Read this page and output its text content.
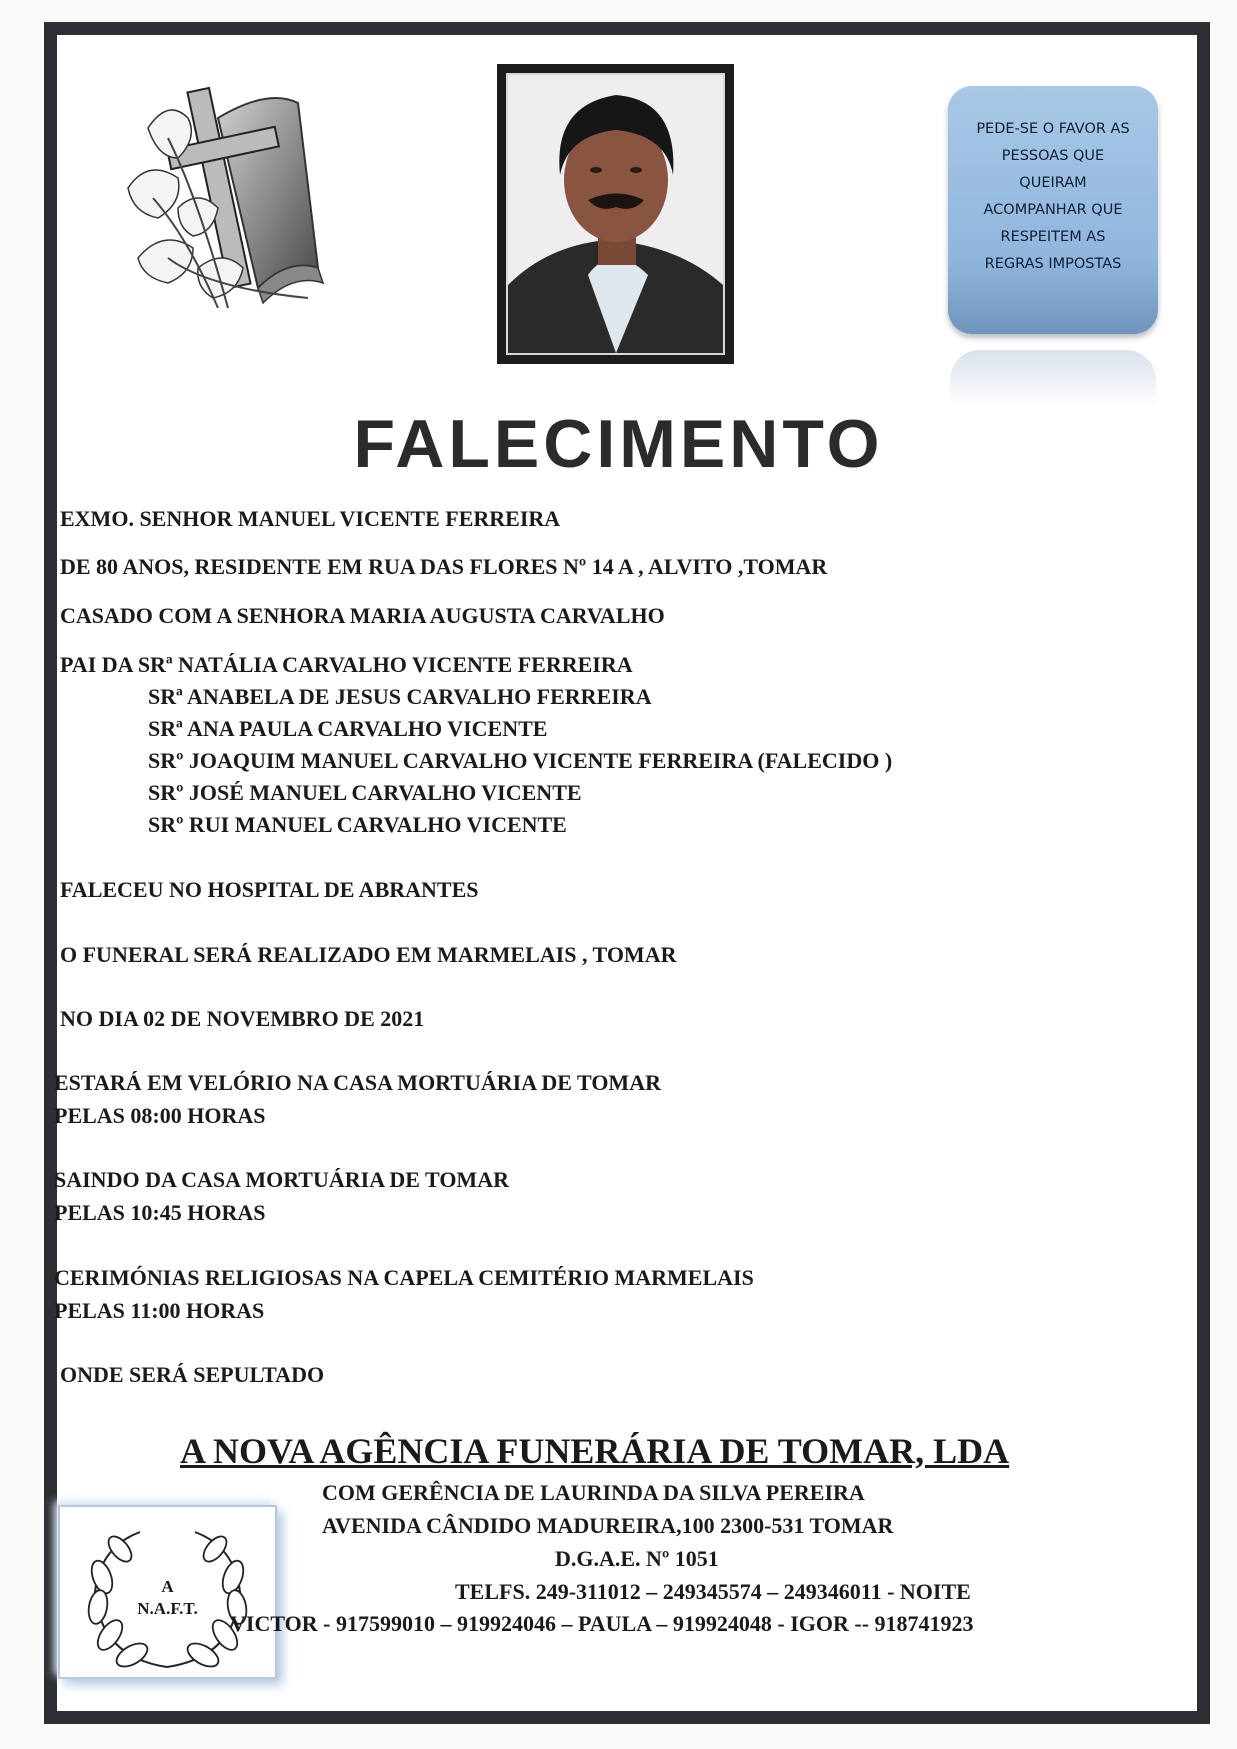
PEDE-SE O FAVOR AS
PESSOAS QUE
QUEIRAM
ACOMPANHAR QUE
RESPEITEM AS
REGRAS IMPOSTAS
FALECIMENTO
EXMO. SENHOR MANUEL VICENTE FERREIRA
DE 80 ANOS, RESIDENTE EM RUA DAS FLORES Nº 14 A , ALVITO ,TOMAR
CASADO COM A SENHORA MARIA AUGUSTA CARVALHO
PAI DA SRª NATÁLIA CARVALHO VICENTE FERREIRA
SRª ANABELA DE JESUS CARVALHO FERREIRA
SRª ANA PAULA CARVALHO VICENTE
SRº JOAQUIM MANUEL CARVALHO VICENTE FERREIRA (FALECIDO )
SRº JOSÉ MANUEL CARVALHO VICENTE
SRº RUI MANUEL CARVALHO VICENTE
FALECEU NO HOSPITAL DE ABRANTES
O FUNERAL SERÁ REALIZADO EM MARMELAIS , TOMAR
NO DIA 02 DE NOVEMBRO DE 2021
ESTARÁ EM VELÓRIO NA CASA MORTUÁRIA DE TOMAR
PELAS 08:00 HORAS
SAINDO DA CASA MORTUÁRIA DE TOMAR
PELAS 10:45 HORAS
CERIMÓNIAS RELIGIOSAS NA CAPELA CEMITÉRIO MARMELAIS
PELAS 11:00 HORAS
ONDE SERÁ SEPULTADO
A
N.A.F.T.
A NOVA AGÊNCIA FUNERÁRIA DE TOMAR, LDA
COM GERÊNCIA DE LAURINDA DA SILVA PEREIRA
AVENIDA CÂNDIDO MADUREIRA,100 2300-531 TOMAR
D.G.A.E. Nº 1051
TELFS. 249-311012 – 249345574 – 249346011 - NOITE
VICTOR - 917599010 – 919924046 – PAULA – 919924048 - IGOR -- 918741923
